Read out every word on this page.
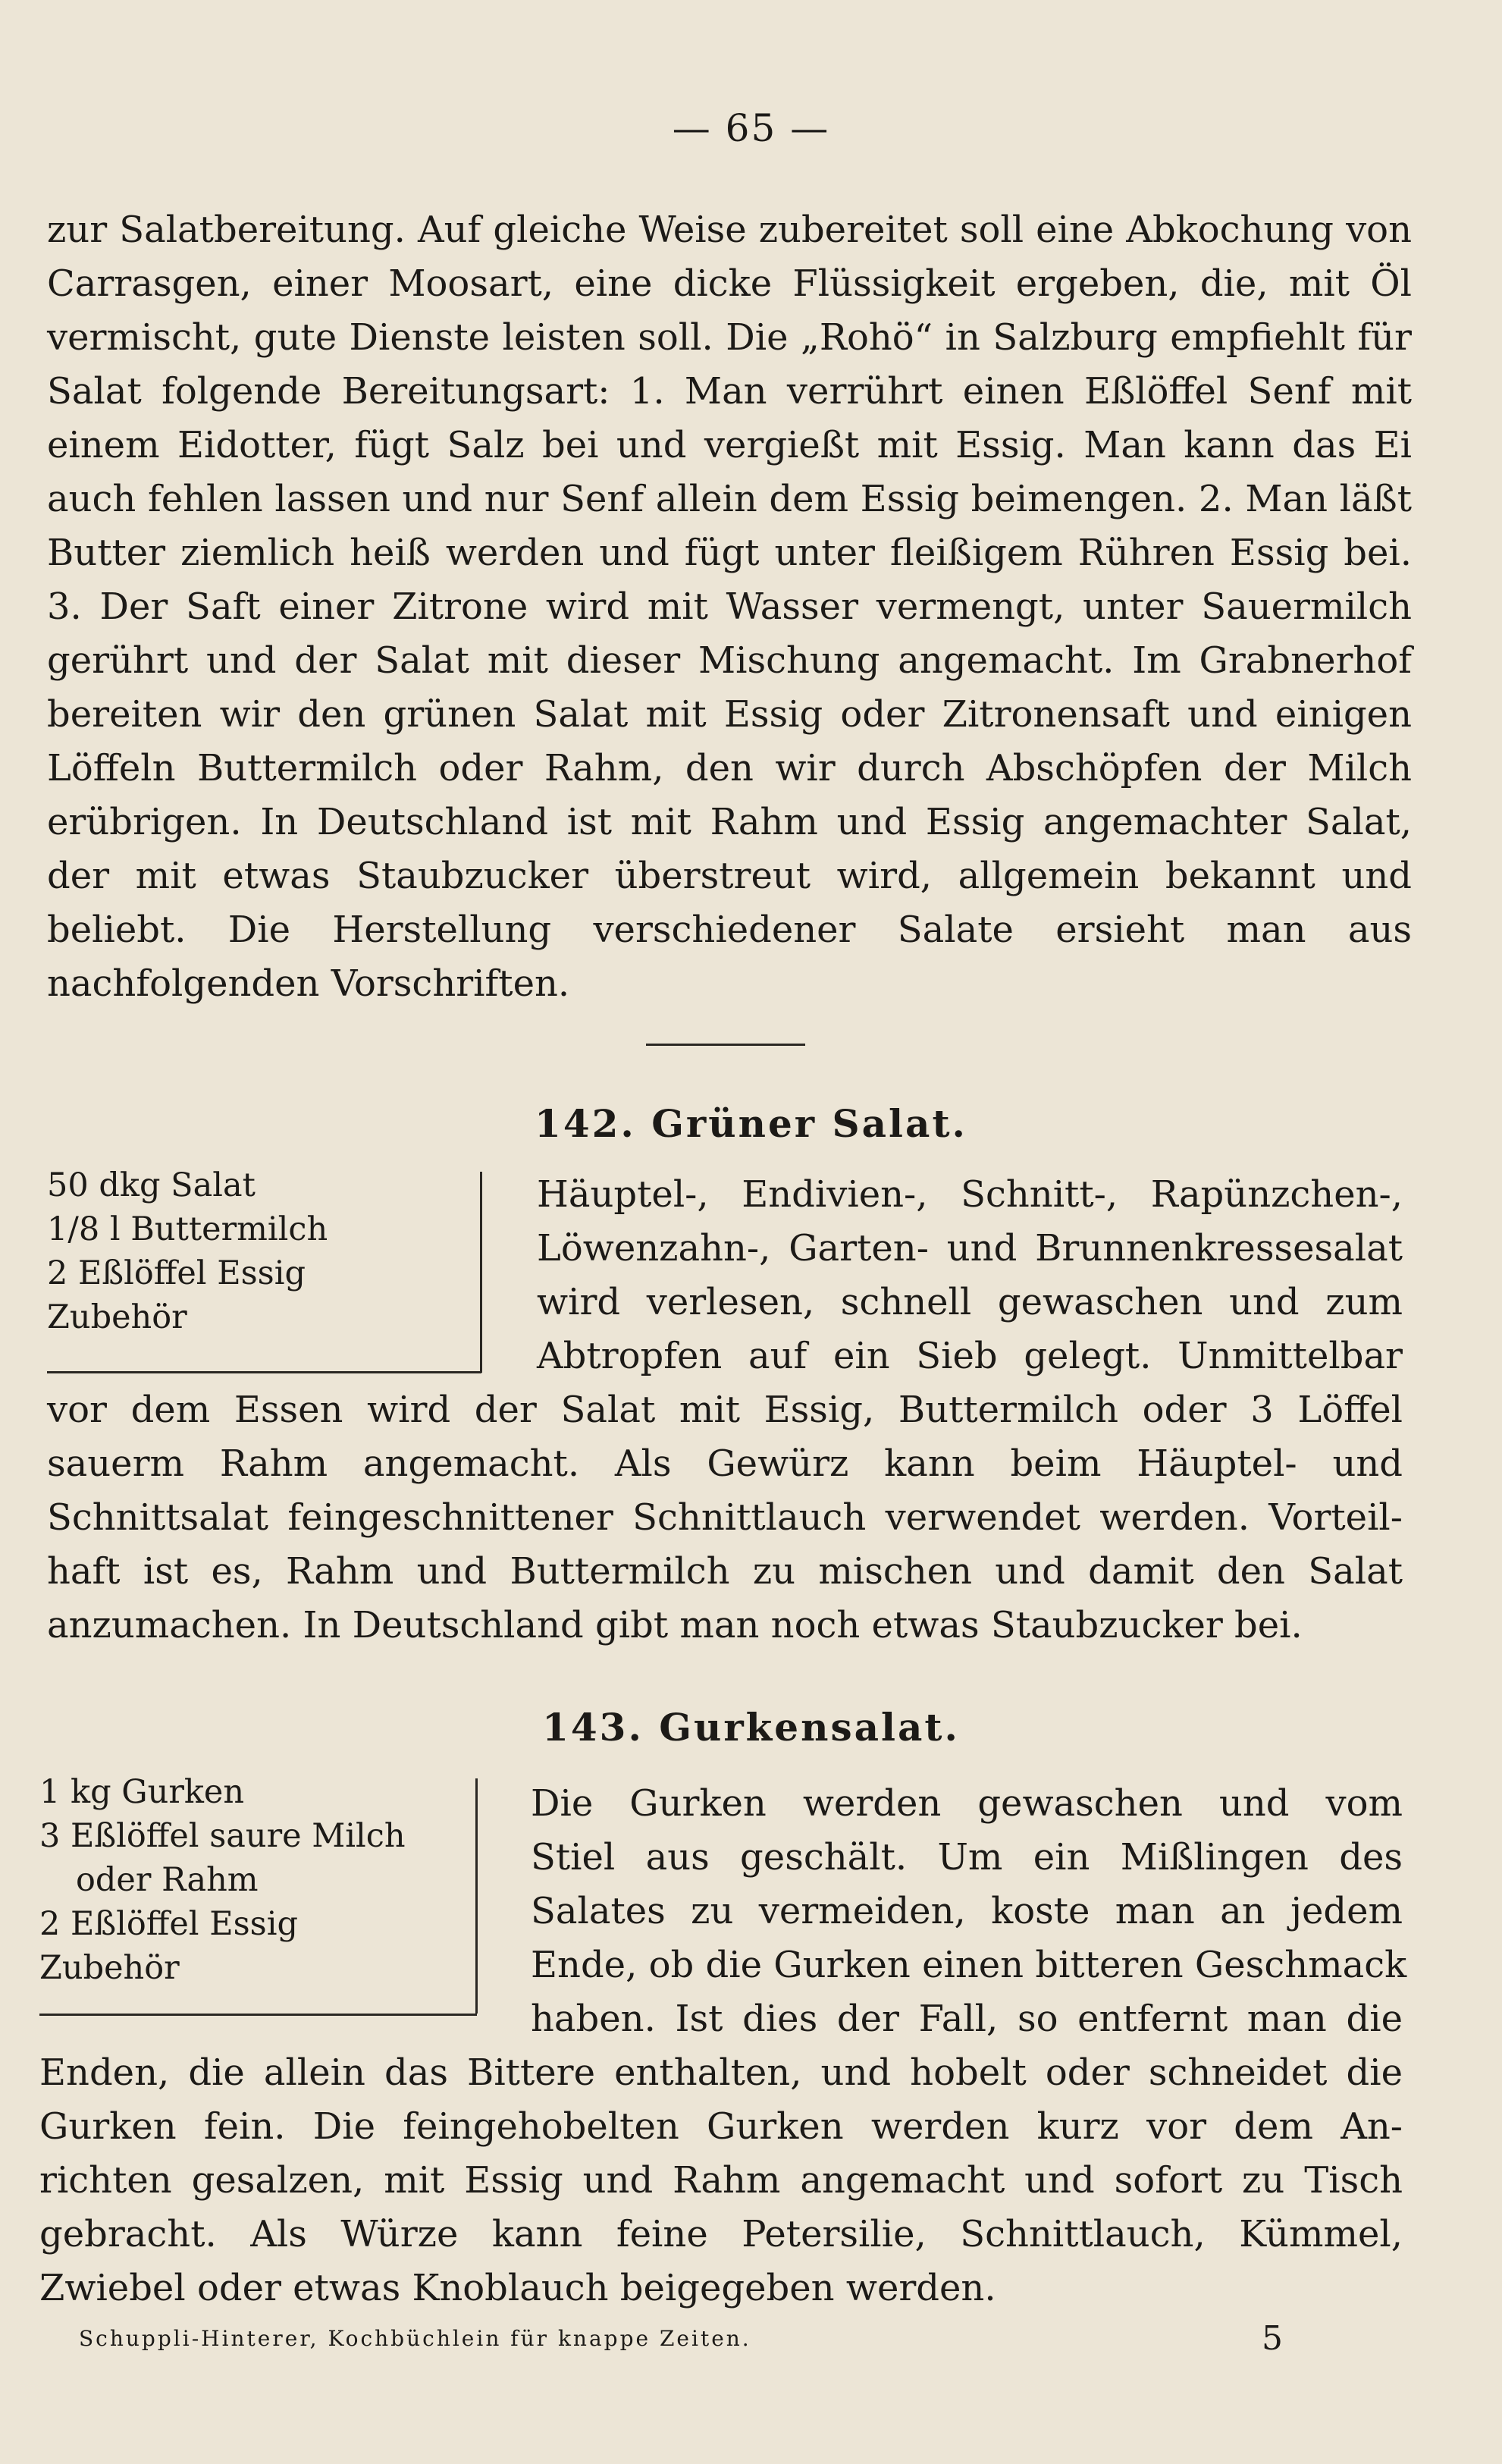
— 65 —
zur Salatbereitung. Auf gleiche Weise zubereitet soll eine Abkochung von Carrasgen, einer Moosart, eine dicke Flüssigkeit ergeben, die, mit Öl vermischt, gute Dienste leisten soll. Die „Rohö“ in Salzburg empfiehlt für Salat folgende Bereitungsart: 1. Man verrührt einen Eßlöffel Senf mit einem Eidotter, fügt Salz bei und vergießt mit Essig. Man kann das Ei auch fehlen lassen und nur Senf allein dem Essig beimengen. 2. Man läßt Butter ziemlich heiß werden und fügt unter fleißigem Rühren Essig bei. 3. Der Saft einer Zitrone wird mit Wasser vermengt, unter Sauermilch gerührt und der Salat mit dieser Mischung angemacht. Im Grabnerhof bereiten wir den grünen Salat mit Essig oder Zitronensaft und einigen Löffeln Buttermilch oder Rahm, den wir durch Abschöpfen der Milch erübrigen. In Deutschland ist mit Rahm und Essig angemachter Salat, der mit etwas Staubzucker überstreut wird, allgemein bekannt und beliebt. Die Herstellung verschiedener Salate ersieht man aus nachfolgenden Vorschriften.
142. Grüner Salat.
50 dkg Salat
1/8 l Buttermilch
2 Eßlöffel Essig
Zubehör
Häuptel-, Endivien-, Schnitt-, Rapünzchen-,
Löwenzahn-, Garten- und Brunnenkressesalat
wird verlesen, schnell gewaschen und zum
Abtropfen auf ein Sieb gelegt. Unmittelbar
vor dem Essen wird der Salat mit Essig, Buttermilch oder 3 Löffel
sauerm Rahm angemacht. Als Gewürz kann beim Häuptel- und
Schnittsalat feingeschnittener Schnittlauch verwendet werden. Vorteil-
haft ist es, Rahm und Buttermilch zu mischen und damit den Salat
anzumachen. In Deutschland gibt man noch etwas Staubzucker bei.
143. Gurkensalat.
1 kg Gurken
3 Eßlöffel saure Milch
oder Rahm
2 Eßlöffel Essig
Zubehör
Die Gurken werden gewaschen und vom
Stiel aus geschält. Um ein Mißlingen des
Salates zu vermeiden, koste man an jedem
Ende, ob die Gurken einen bitteren Geschmack
haben. Ist dies der Fall, so entfernt man die
Enden, die allein das Bittere enthalten, und hobelt oder schneidet die
Gurken fein. Die feingehobelten Gurken werden kurz vor dem An-
richten gesalzen, mit Essig und Rahm angemacht und sofort zu Tisch
gebracht. Als Würze kann feine Petersilie, Schnittlauch, Kümmel,
Zwiebel oder etwas Knoblauch beigegeben werden.
Schuppli-Hinterer, Kochbüchlein für knappe Zeiten.	5
